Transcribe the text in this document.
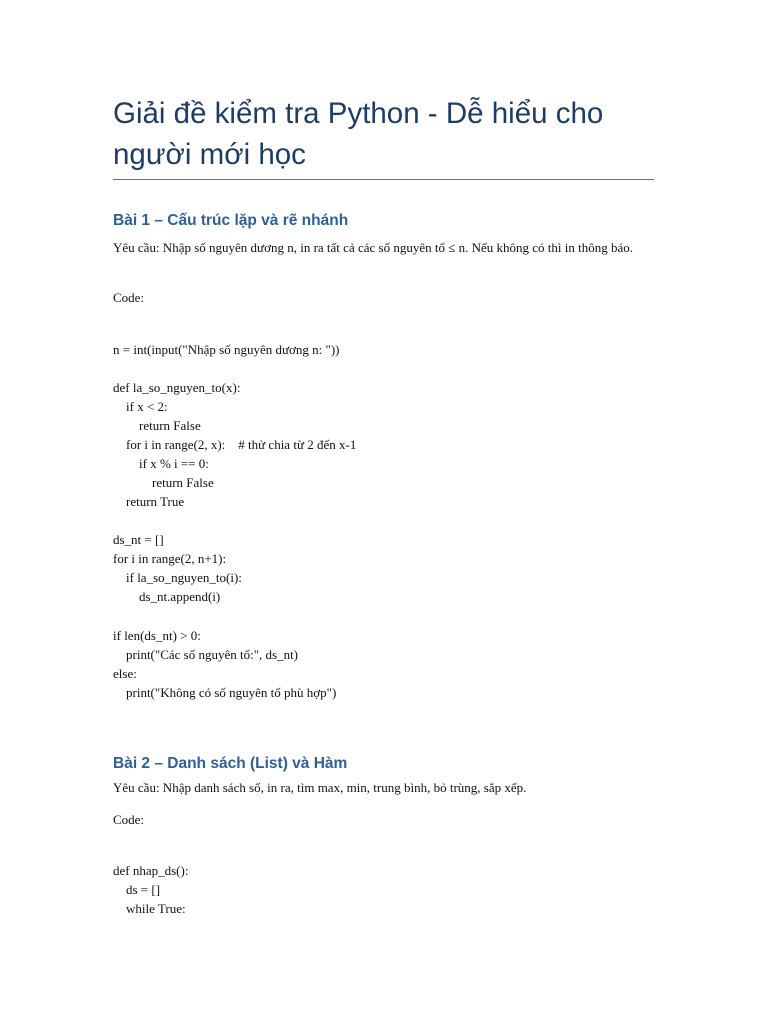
Giải đề kiểm tra Python - Dễ hiểu cho người mới học
Bài 1 – Cấu trúc lặp và rẽ nhánh

Yêu cầu: Nhập số nguyên dương n, in ra tất cả các số nguyên tố ≤ n. Nếu không có thì in thông báo.

Code:

n = int(input("Nhập số nguyên dương n: "))
def la_so_nguyen_to(x):
if x < 2:
return False
for i in range(2, x):    # thử chia từ 2 đến x-1
if x % i == 0:
return False
return True
ds_nt = []
for i in range(2, n+1):
if la_so_nguyen_to(i):
ds_nt.append(i)
if len(ds_nt) > 0:
print("Các số nguyên tố:", ds_nt)
else:
print("Không có số nguyên tố phù hợp")
Bài 2 – Danh sách (List) và Hàm

Yêu cầu: Nhập danh sách số, in ra, tìm max, min, trung bình, bỏ trùng, sắp xếp.

Code:

def nhap_ds():
ds = []
while True:
